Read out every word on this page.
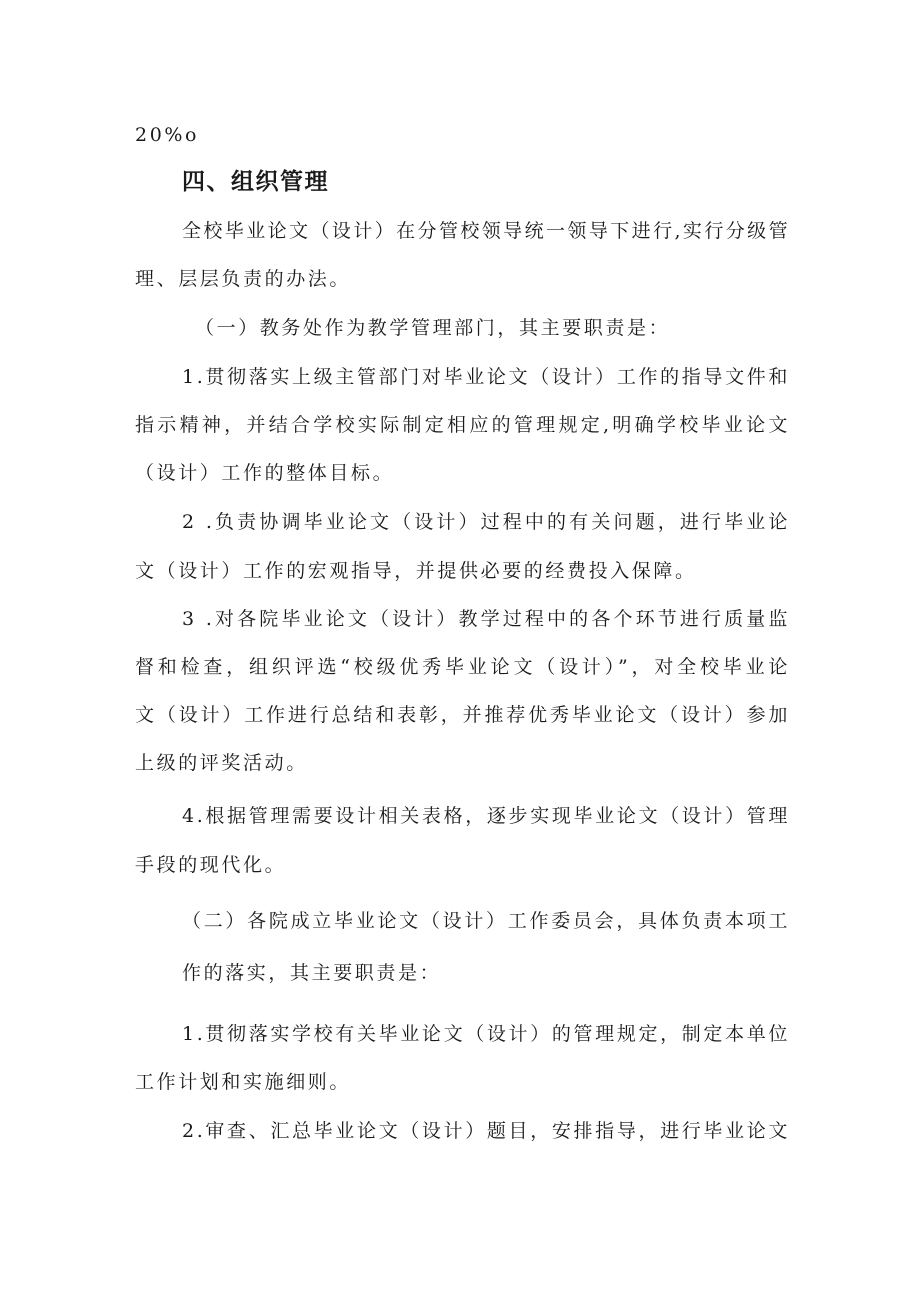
20%o
四、组织管理
全校毕业论文（设计）在分管校领导统一领导下进行,实行分级管
理、层层负责的办法。
（一）教务处作为教学管理部门，其主要职责是：
1.贯彻落实上级主管部门对毕业论文（设计）工作的指导文件和
指示精神，并结合学校实际制定相应的管理规定,明确学校毕业论文
（设计）工作的整体目标。
2 .负责协调毕业论文（设计）过程中的有关问题，进行毕业论
文（设计）工作的宏观指导，并提供必要的经费投入保障。
3 .对各院毕业论文（设计）教学过程中的各个环节进行质量监
督和检查，组织评选“校级优秀毕业论文（设计）”，对全校毕业论
文（设计）工作进行总结和表彰，并推荐优秀毕业论文（设计）参加
上级的评奖活动。
4.根据管理需要设计相关表格，逐步实现毕业论文（设计）管理
手段的现代化。
（二）各院成立毕业论文（设计）工作委员会，具体负责本项工
作的落实，其主要职责是：
1.贯彻落实学校有关毕业论文（设计）的管理规定，制定本单位
工作计划和实施细则。
2.审查、汇总毕业论文（设计）题目，安排指导，进行毕业论文
